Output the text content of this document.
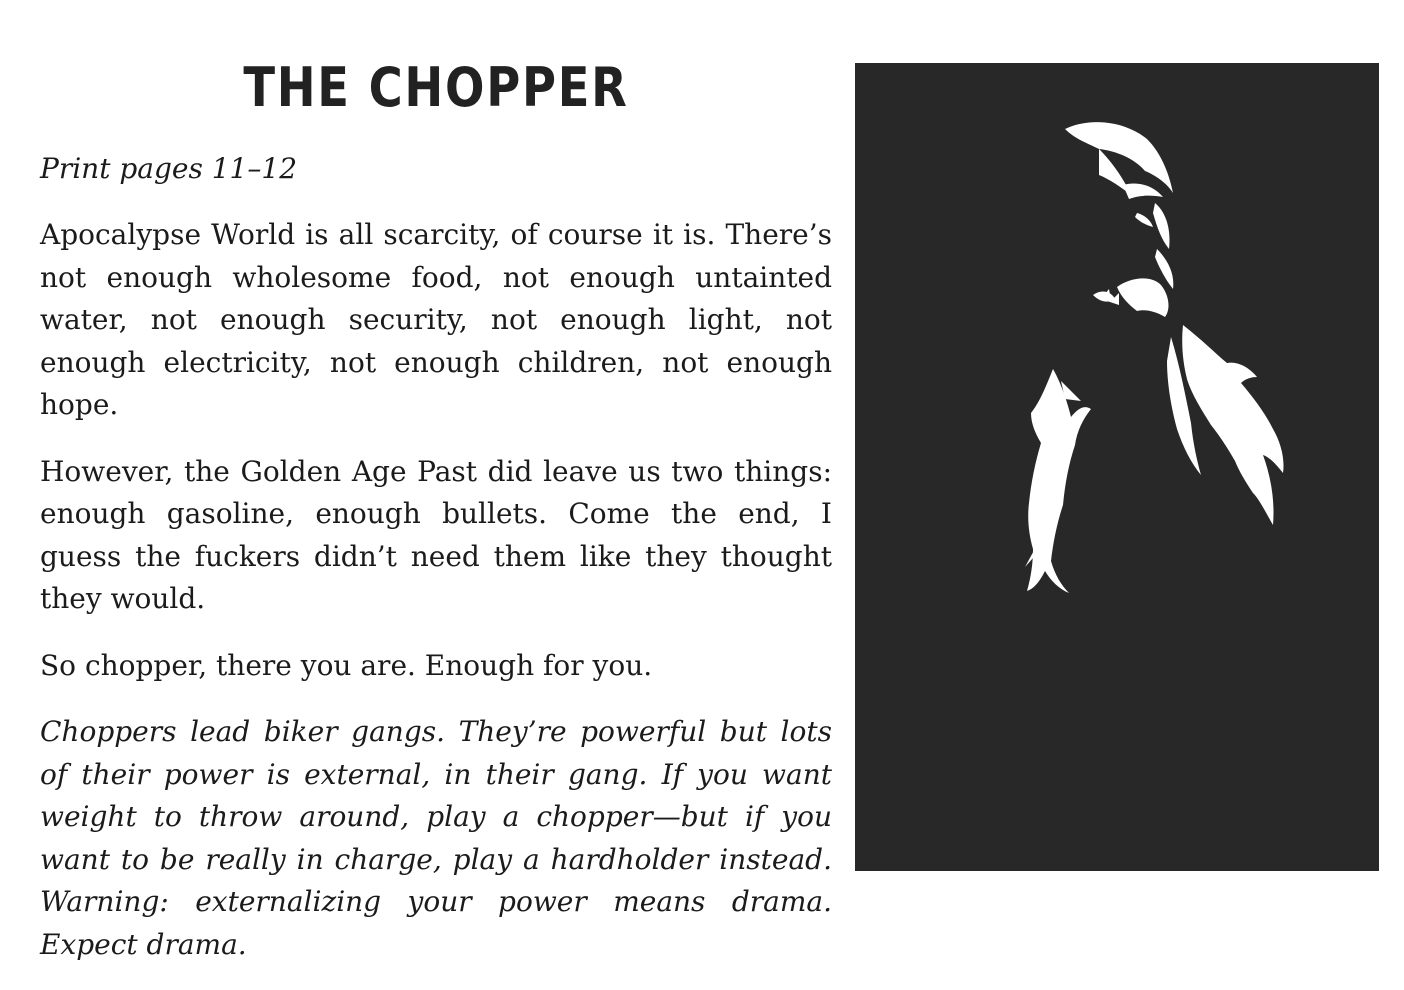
THE CHOPPER

Print pages 11–12

Apocalypse World is all scarcity, of course it is. There’s not enough wholesome food, not enough untainted water, not enough security, not enough light, not enough electricity, not enough children, not enough hope.

However, the Golden Age Past did leave us two things: enough gasoline, enough bullets. Come the end, I guess the fuckers didn’t need them like they thought they would.

So chopper, there you are. Enough for you.

Choppers lead biker gangs. They’re powerful but lots of their power is external, in their gang. If you want weight to throw around, play a chopper—but if you want to be really in charge, play a hardholder instead. Warning: externalizing your power means drama. Expect drama.
